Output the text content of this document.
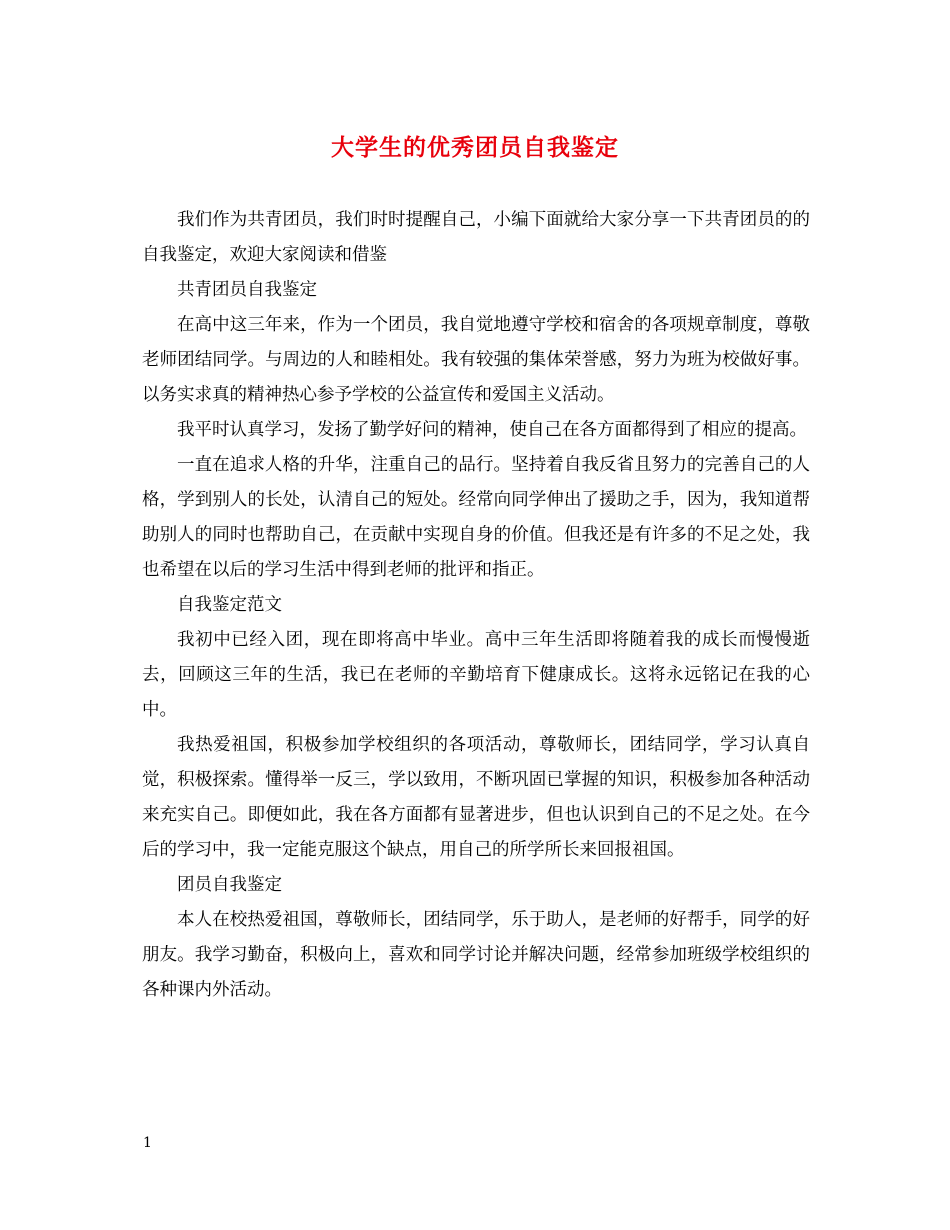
大学生的优秀团员自我鉴定

我们作为共青团员，我们时时提醒自己，小编下面就给大家分享一下共青团员的的自我鉴定，欢迎大家阅读和借鉴

共青团员自我鉴定

在高中这三年来，作为一个团员，我自觉地遵守学校和宿舍的各项规章制度，尊敬老师团结同学。与周边的人和睦相处。我有较强的集体荣誉感，努力为班为校做好事。以务实求真的精神热心参予学校的公益宣传和爱国主义活动。

我平时认真学习，发扬了勤学好问的精神，使自己在各方面都得到了相应的提高。

一直在追求人格的升华，注重自己的品行。坚持着自我反省且努力的完善自己的人格，学到别人的长处，认清自己的短处。经常向同学伸出了援助之手，因为，我知道帮助别人的同时也帮助自己，在贡献中实现自身的价值。但我还是有许多的不足之处，我也希望在以后的学习生活中得到老师的批评和指正。

自我鉴定范文

我初中已经入团，现在即将高中毕业。高中三年生活即将随着我的成长而慢慢逝去，回顾这三年的生活，我已在老师的辛勤培育下健康成长。这将永远铭记在我的心中。

我热爱祖国，积极参加学校组织的各项活动，尊敬师长，团结同学，学习认真自觉，积极探索。懂得举一反三，学以致用，不断巩固已掌握的知识，积极参加各种活动来充实自己。即便如此，我在各方面都有显著进步，但也认识到自己的不足之处。在今后的学习中，我一定能克服这个缺点，用自己的所学所长来回报祖国。

团员自我鉴定

本人在校热爱祖国，尊敬师长，团结同学，乐于助人，是老师的好帮手，同学的好朋友。我学习勤奋，积极向上，喜欢和同学讨论并解决问题，经常参加班级学校组织的各种课内外活动。

1
